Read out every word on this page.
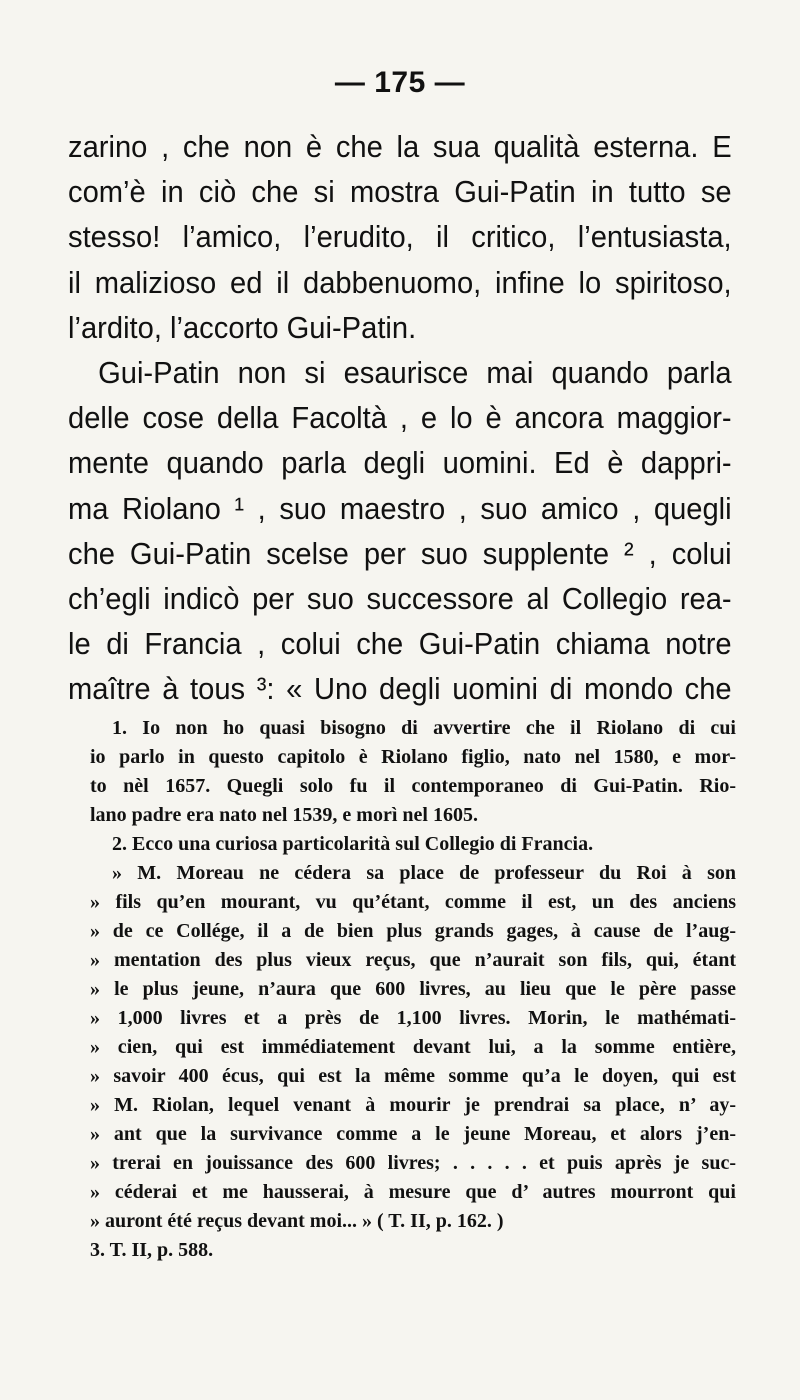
— 175 —
zarino , che non è che la sua qualità esterna. E
com’è in ciò che si mostra Gui-Patin in tutto se
stesso! l’amico, l’erudito, il critico, l’entusiasta,
il malizioso ed il dabbenuomo, infine lo spiritoso,
l’ardito, l’accorto Gui-Patin.
Gui-Patin non si esaurisce mai quando parla
delle cose della Facoltà , e lo è ancora maggior-
mente quando parla degli uomini. Ed è dappri-
ma Riolano ¹ , suo maestro , suo amico , quegli
che Gui-Patin scelse per suo supplente ² , colui
ch’egli indicò per suo successore al Collegio rea-
le di Francia , colui che Gui-Patin chiama notre
maître à tous ³: « Uno degli uomini di mondo che
1. Io non ho quasi bisogno di avvertire che il Riolano di cui
io parlo in questo capitolo è Riolano figlio, nato nel 1580, e mor-
to nèl 1657. Quegli solo fu il contemporaneo di Gui-Patin. Rio-
lano padre era nato nel 1539, e morì nel 1605.
2. Ecco una curiosa particolarità sul Collegio di Francia.
» M. Moreau ne cédera sa place de professeur du Roi à son
» fils qu’en mourant, vu qu’étant, comme il est, un des anciens
» de ce Collége, il a de bien plus grands gages, à cause de l’aug-
» mentation des plus vieux reçus, que n’aurait son fils, qui, étant
» le plus jeune, n’aura que 600 livres, au lieu que le père passe
» 1,000 livres et a près de 1,100 livres. Morin, le mathémati-
» cien, qui est immédiatement devant lui, a la somme entière,
» savoir 400 écus, qui est la même somme qu’a le doyen, qui est
» M. Riolan, lequel venant à mourir je prendrai sa place, n’ ay-
» ant que la survivance comme a le jeune Moreau, et alors j’en-
» trerai en jouissance des 600 livres; . . . . . et puis après je suc-
» céderai et me hausserai, à mesure que d’ autres mourront qui
» auront été reçus devant moi... » ( T. II, p. 162. )
3. T. II, p. 588.
